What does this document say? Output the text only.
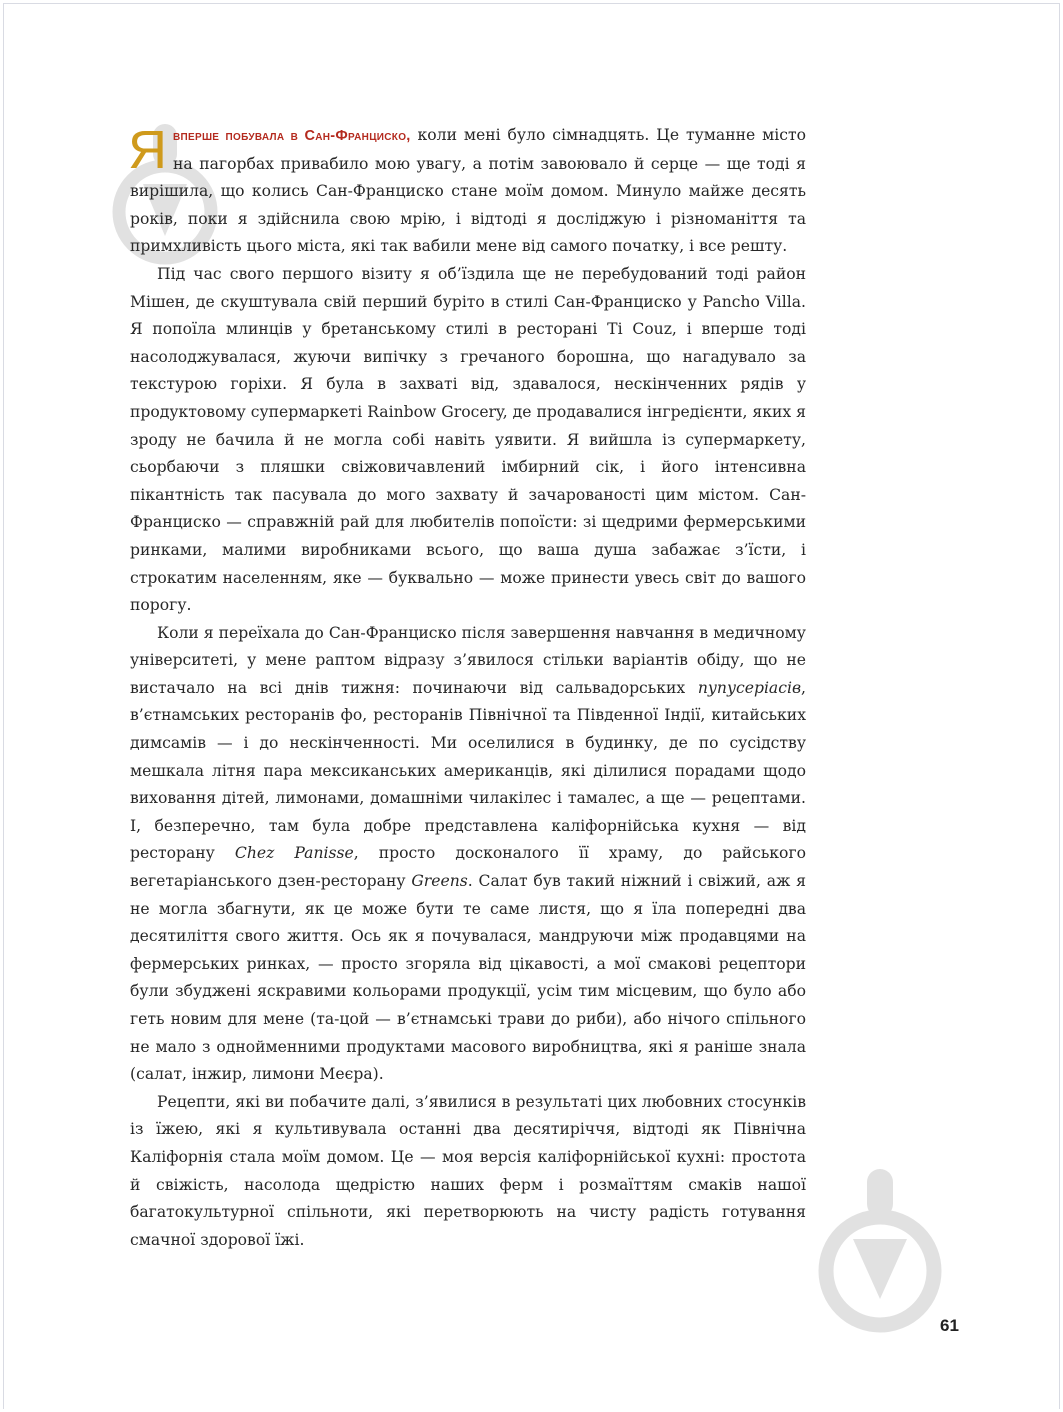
Явперше побувала в Сан-Франциско, коли мені було сімнадцять. Це туманне місто на пагорбах привабило мою увагу, а потім завоювало й серце — ще тоді я вирішила, що колись Сан-Франциско стане моїм домом. Минуло майже десять років, поки я здійснила свою мрію, і відтоді я досліджую і різноманіття та примхливість цього міста, які так вабили мене від самого початку, і все решту.

Під час свого першого візиту я об’їздила ще не перебудований тоді район Мішен, де скуштувала свій перший буріто в стилі Сан-Франциско у Pancho Villa. Я попоїла млинців у бретанському стилі в ресторані Ti Couz, і вперше тоді насолоджувалася, жуючи випічку з гречаного борошна, що нагадувало за текстурою горіхи. Я була в захваті від, здавалося, нескінченних рядів у продуктовому супермаркеті Rainbow Grocery, де продавалися інгредієнти, яких я зроду не бачила й не могла собі навіть уявити. Я вийшла із супермаркету, сьорбаючи з пляшки свіжовичавлений імбирний сік, і його інтенсивна пікантність так пасувала до мого захвату й зачарованості цим містом. Сан-Франциско — справжній рай для любителів попоїсти: зі щедрими фермерськими ринками, малими виробниками всього, що ваша душа забажає з’їсти, і строкатим населенням, яке — буквально — може принести увесь світ до вашого порогу.

Коли я переїхала до Сан-Франциско після завершення навчання в медичному університеті, у мене раптом відразу з’явилося стільки варіантів обіду, що не вистачало на всі днів тижня: починаючи від сальвадорських пупусеріасів, в’єтнамських ресторанів фо, ресторанів Північної та Південної Індії, китайських димсамів — і до нескінченності. Ми оселилися в будинку, де по сусідству мешкала літня пара мексиканських американців, які ділилися порадами щодо виховання дітей, лимонами, домашніми чилакілес і тамалес, а ще — рецептами. І, безперечно, там була добре представлена каліфорнійська кухня — від ресторану Chez Panisse, просто досконалого її храму, до райського вегетаріанського дзен-ресторану Greens. Салат був такий ніжний і свіжий, аж я не могла збагнути, як це може бути те саме листя, що я їла попередні два десятиліття свого життя. Ось як я почувалася, мандруючи між продавцями на фермерських ринках, — просто згоряла від цікавості, а мої смакові рецептори були збуджені яскравими кольорами продукції, усім тим місцевим, що було або геть новим для мене (та-цой — в’єтнамські трави до риби), або нічого спільного не мало з однойменними продуктами масового виробництва, які я раніше знала (салат, інжир, лимони Меєра).

Рецепти, які ви побачите далі, з’явилися в результаті цих любовних стосунків із їжею, які я культивувала останні два десятиріччя, відтоді як Північна Каліфорнія стала моїм домом. Це — моя версія каліфорнійської кухні: простота й свіжість, насолода щедрістю наших ферм і розмаїттям смаків нашої багатокультурної спільноти, які перетворюють на чисту радість готування смачної здорової їжі.

61
